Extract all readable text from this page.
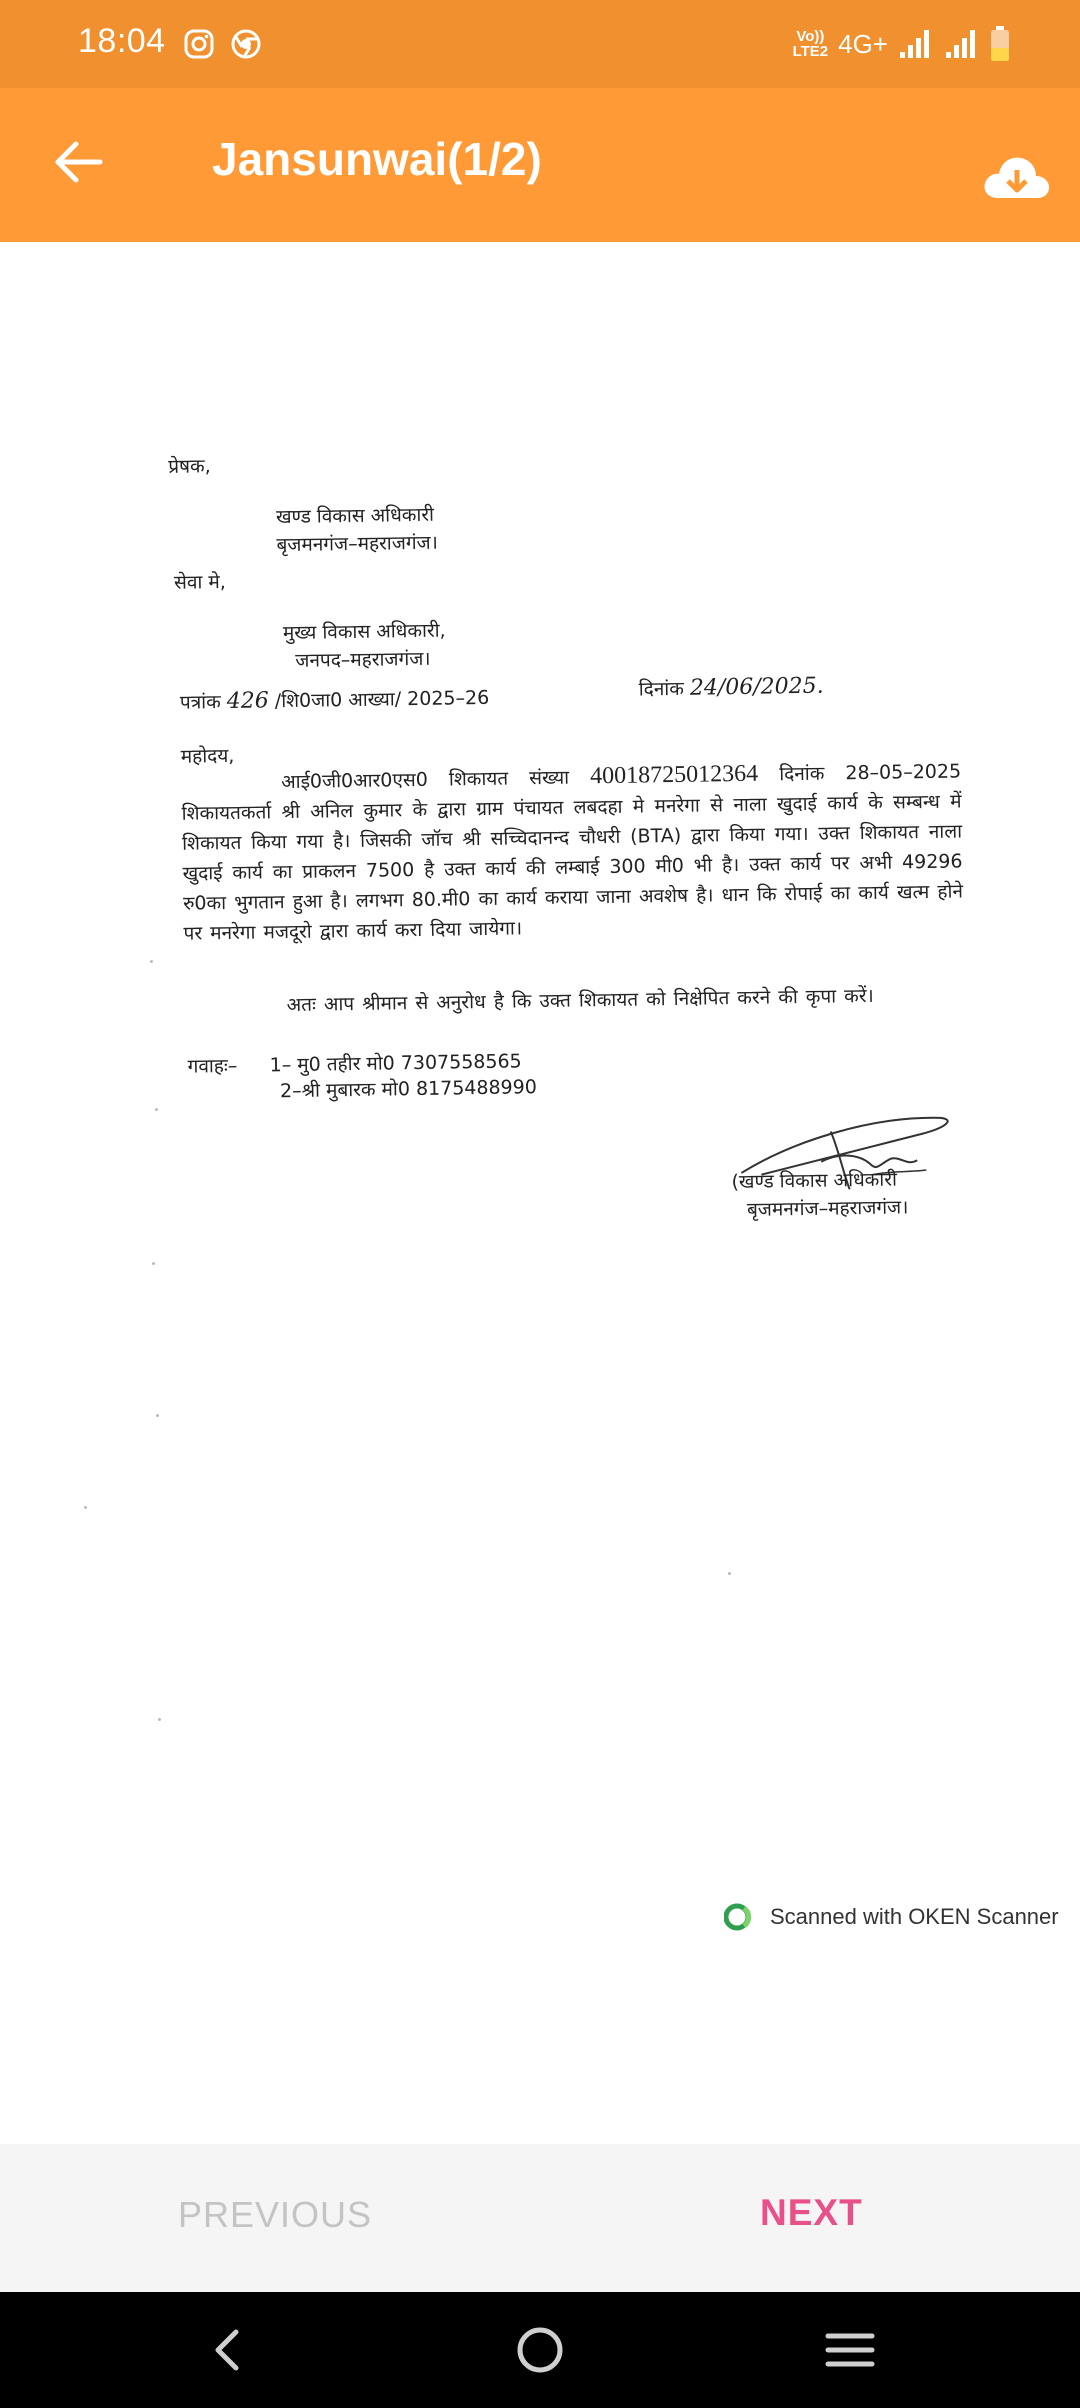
18:04	Vo))
LTE2 4G+
Jansunwai(1/2)
प्रेषक,
खण्ड विकास अधिकारी
बृजमनगंज–महराजगंज।
सेवा मे,
मुख्य विकास अधिकारी,
जनपद–महराजगंज।
पत्रांक 426 /शि0जा0 आख्या/ 2025–26	दिनांक 24/06/2025.
महोदय,
आई0जी0आर0एस0 शिकायत संख्या 40018725012364 दिनांक 28–05–2025 शिकायतकर्ता श्री अनिल कुमार के द्वारा ग्राम पंचायत लबदहा मे मनरेगा से नाला खुदाई कार्य के सम्बन्ध में शिकायत किया गया है। जिसकी जॉच श्री सच्चिदानन्द चौधरी (BTA) द्वारा किया गया। उक्त शिकायत नाला खुदाई कार्य का प्राकलन 7500 है उक्त कार्य की लम्बाई 300 मी0 भी है। उक्त कार्य पर अभी 49296 रु0का भुगतान हुआ है। लगभग 80.मी0 का कार्य कराया जाना अवशेष है। धान कि रोपाई का कार्य खत्म होने पर मनरेगा मजदूरो द्वारा कार्य करा दिया जायेगा।
अतः आप श्रीमान से अनुरोध है कि उक्त शिकायत को निक्षेपित करने की कृपा करें।
गवाहः– 1– मु0 तहीर मो0 7307558565
2–श्री मुबारक मो0 8175488990
(खण्ड विकास अधिकारी
बृजमनगंज–महराजगंज।
Scanned with OKEN Scanner
PREVIOUS	NEXT
